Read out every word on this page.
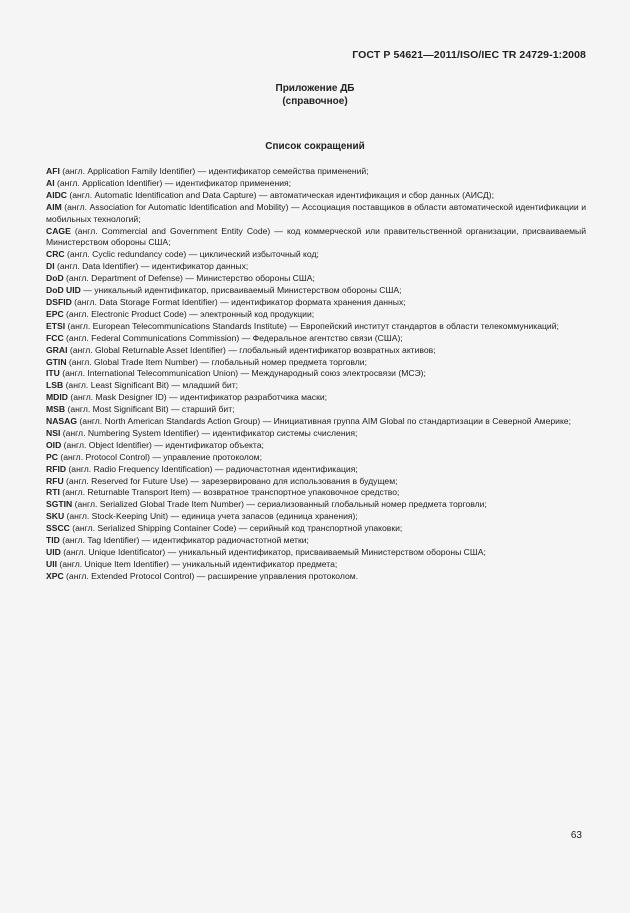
ГОСТ Р 54621—2011/ISO/IEC TR 24729-1:2008
Приложение ДБ
(справочное)
Список сокращений

AFI (англ. Application Family Identifier) — идентификатор семейства применений;

AI (англ. Application Identifier) — идентификатор применения;

AIDC (англ. Automatic Identification and Data Capture) — автоматическая идентификация и сбор данных (АИСД);

AIM (англ. Association for Automatic Identification and Mobility) — Ассоциация поставщиков в области автоматической идентификации и мобильных технологий;

CAGE (англ. Commercial and Government Entity Code) — код коммерческой или правительственной организации, присваиваемый Министерством обороны США;

CRC (англ. Cyclic redundancy code) — циклический избыточный код;

DI (англ. Data Identifier) — идентификатор данных;

DoD (англ. Department of Defense) — Министерство обороны США;

DoD UID — уникальный идентификатор, присваиваемый Министерством обороны США;

DSFID (англ. Data Storage Format Identifier) — идентификатор формата хранения данных;

EPC (англ. Electronic Product Code) — электронный код продукции;

ETSI (англ. European Telecommunications Standards Institute) — Европейский институт стандартов в области телекоммуникаций;

FCC (англ. Federal Communications Commission) — Федеральное агентство связи (США);

GRAI (англ. Global Returnable Asset Identifier) — глобальный идентификатор возвратных активов;

GTIN (англ. Global Trade Item Number) — глобальный номер предмета торговли;

ITU (англ. International Telecommunication Union) — Международный союз электросвязи (МСЭ);

LSB (англ. Least Significant Bit) — младший бит;

MDID (англ. Mask Designer ID) — идентификатор разработчика маски;

MSB (англ. Most Significant Bit) — старший бит;

NASAG (англ. North American Standards Action Group) — Инициативная группа AIM Global по стандартизации в Северной Америке;

NSI (англ. Numbering System Identifier) — идентификатор системы счисления;

OID (англ. Object Identifier) — идентификатор объекта;

PC (англ. Protocol Control) — управление протоколом;

RFID (англ. Radio Frequency Identification) — радиочастотная идентификация;

RFU (англ. Reserved for Future Use) — зарезервировано для использования в будущем;

RTI (англ. Returnable Transport Item) — возвратное транспортное упаковочное средство;

SGTIN (англ. Serialized Global Trade Item Number) — сериализованный глобальный номер предмета торговли;

SKU (англ. Stock-Keeping Unit) — единица учета запасов (единица хранения);

SSCC (англ. Serialized Shipping Container Code) — серийный код транспортной упаковки;

TID (англ. Tag Identifier) — идентификатор радиочастотной метки;

UID (англ. Unique Identificator) — уникальный идентификатор, присваиваемый Министерством обороны США;

UII (англ. Unique Item Identifier) — уникальный идентификатор предмета;

XPC (англ. Extended Protocol Control) — расширение управления протоколом.

63
